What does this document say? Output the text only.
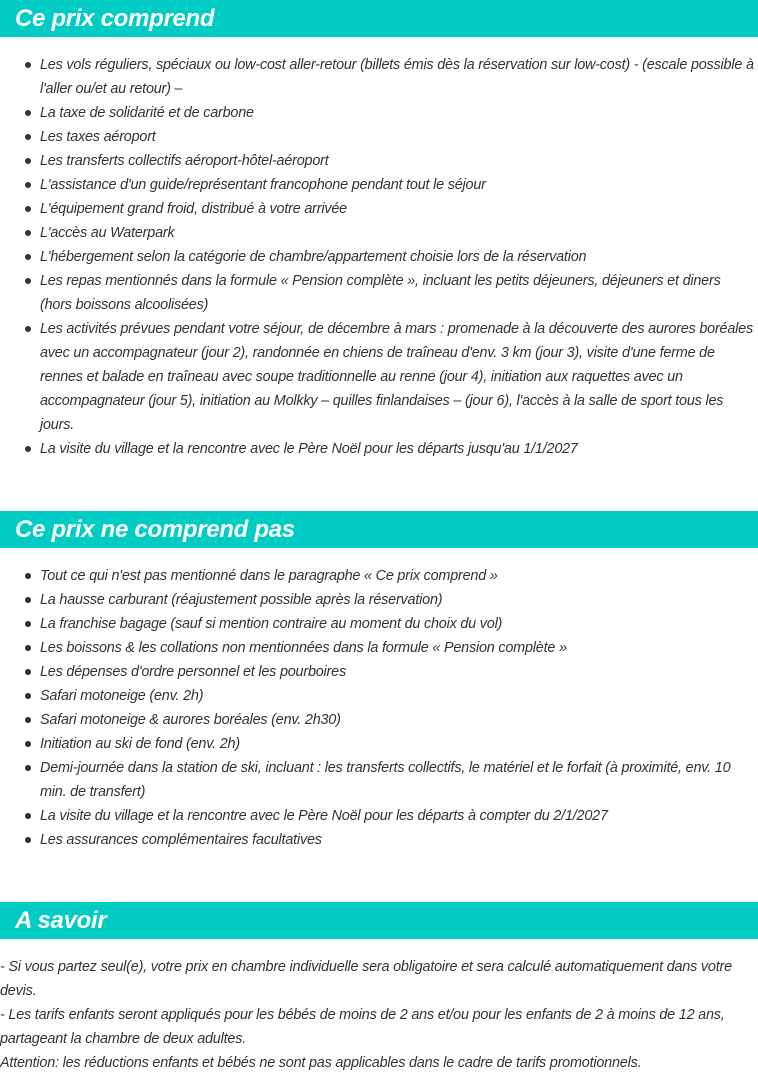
Ce prix comprend
Les vols réguliers, spéciaux ou low-cost aller-retour (billets émis dès la réservation sur low-cost) - (escale possible à l'aller ou/et au retour) –
La taxe de solidarité et de carbone
Les taxes aéroport
Les transferts collectifs aéroport-hôtel-aéroport
L'assistance d'un guide/représentant francophone pendant tout le séjour
L'équipement grand froid, distribué à votre arrivée
L'accès au Waterpark
L'hébergement selon la catégorie de chambre/appartement choisie lors de la réservation
Les repas mentionnés dans la formule « Pension complète », incluant les petits déjeuners, déjeuners et diners (hors boissons alcoolisées)
Les activités prévues pendant votre séjour, de décembre à mars : promenade à la découverte des aurores boréales avec un accompagnateur (jour 2), randonnée en chiens de traîneau d'env. 3 km (jour 3), visite d'une ferme de rennes et balade en traîneau avec soupe traditionnelle au renne (jour 4), initiation aux raquettes avec un accompagnateur (jour 5), initiation au Molkky – quilles finlandaises – (jour 6), l'accès à la salle de sport tous les jours.
La visite du village et la rencontre avec le Père Noël pour les départs jusqu'au 1/1/2027
Ce prix ne comprend pas
Tout ce qui n'est pas mentionné dans le paragraphe « Ce prix comprend »
La hausse carburant (réajustement possible après la réservation)
La franchise bagage (sauf si mention contraire au moment du choix du vol)
Les boissons & les collations non mentionnées dans la formule « Pension complète »
Les dépenses d'ordre personnel et les pourboires
Safari motoneige (env. 2h)
Safari motoneige & aurores boréales (env. 2h30)
Initiation au ski de fond (env. 2h)
Demi-journée dans la station de ski, incluant : les transferts collectifs, le matériel et le forfait (à proximité, env. 10 min. de transfert)
La visite du village et la rencontre avec le Père Noël pour les départs à compter du 2/1/2027
Les assurances complémentaires facultatives
A savoir

- Si vous partez seul(e), votre prix en chambre individuelle sera obligatoire et sera calculé automatiquement dans votre devis.

- Les tarifs enfants seront appliqués pour les bébés de moins de 2 ans et/ou pour les enfants de 2 à moins de 12 ans, partageant la chambre de deux adultes.

Attention: les réductions enfants et bébés ne sont pas applicables dans le cadre de tarifs promotionnels.
